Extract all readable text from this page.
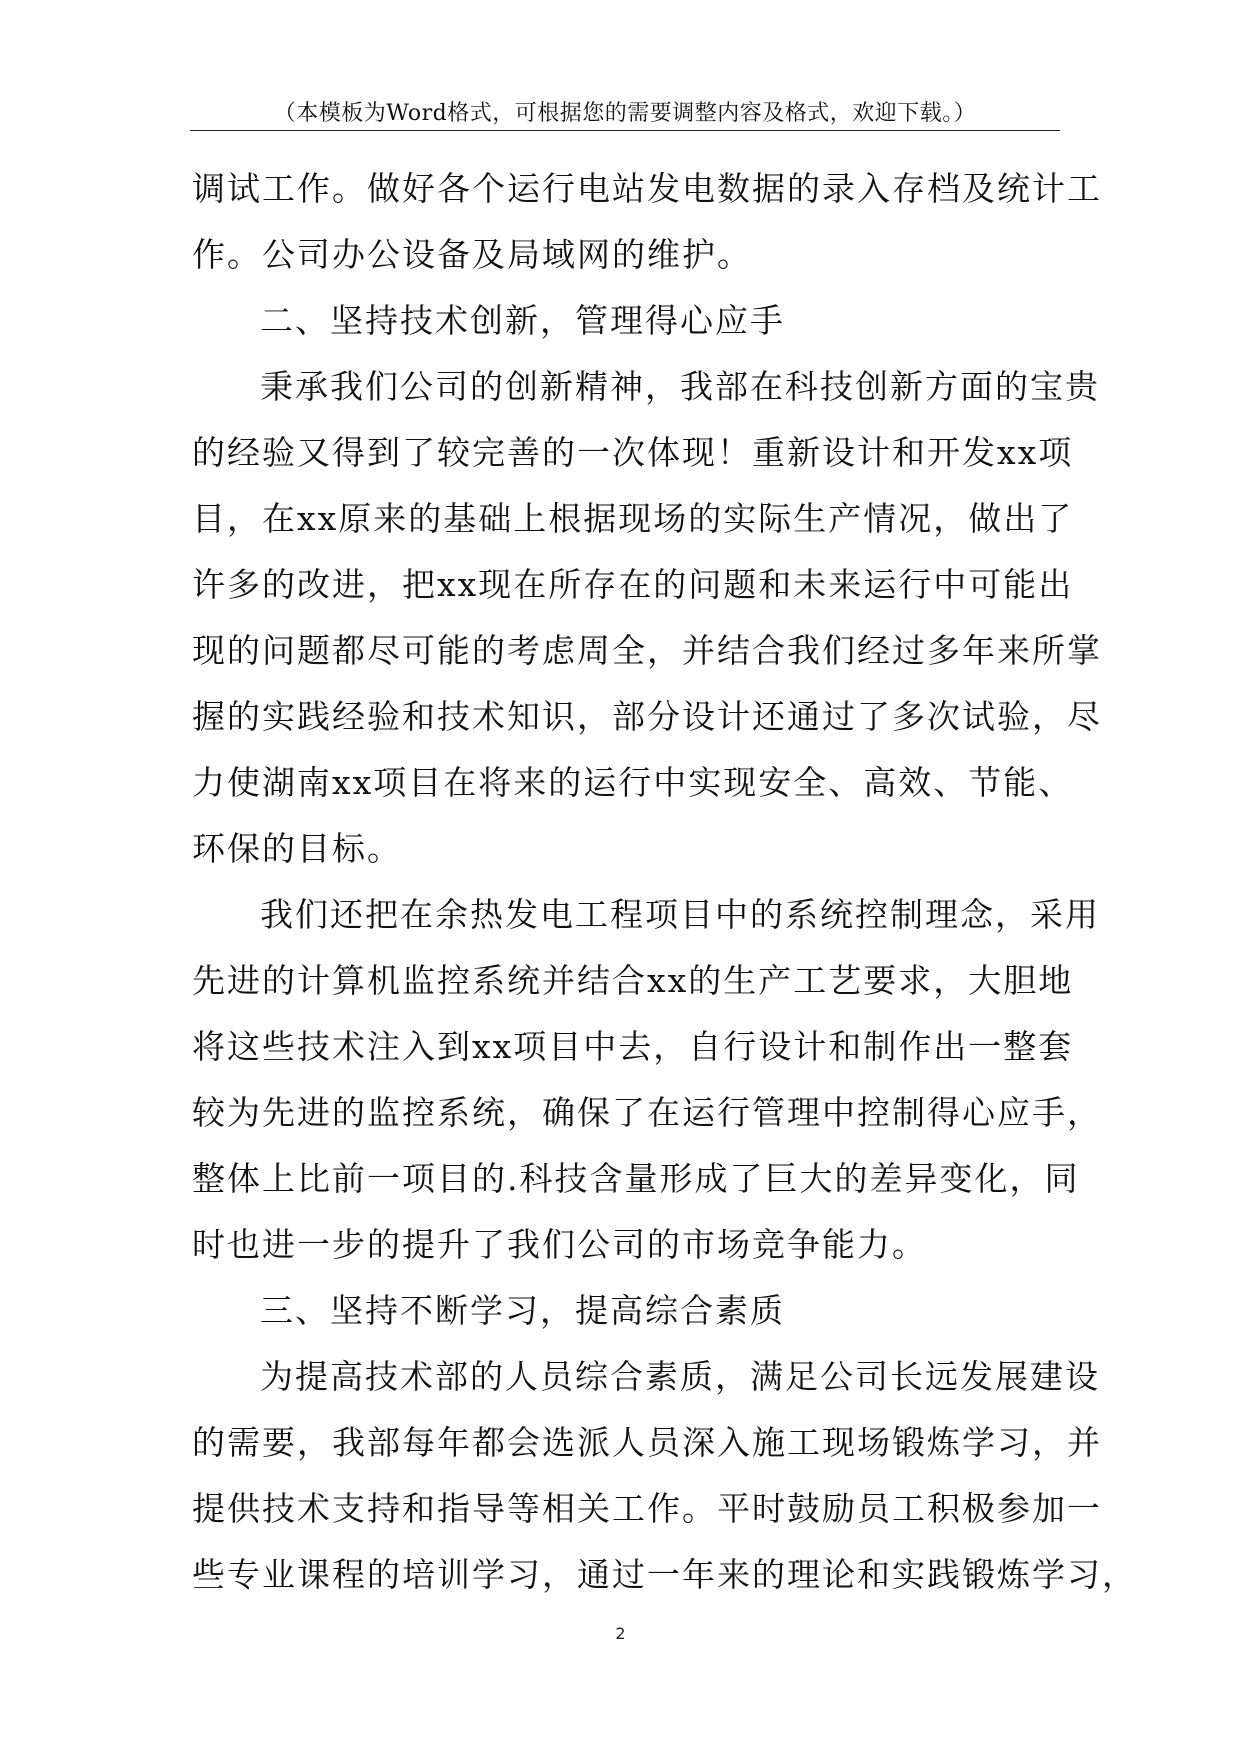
（本模板为Word格式，可根据您的需要调整内容及格式，欢迎下载。）

调试工作。做好各个运行电站发电数据的录入存档及统计工
作。公司办公设备及局域网的维护。

二、坚持技术创新，管理得心应手

秉承我们公司的创新精神，我部在科技创新方面的宝贵
的经验又得到了较完善的一次体现！重新设计和开发xx项
目，在xx原来的基础上根据现场的实际生产情况，做出了
许多的改进，把xx现在所存在的问题和未来运行中可能出
现的问题都尽可能的考虑周全，并结合我们经过多年来所掌
握的实践经验和技术知识，部分设计还通过了多次试验，尽
力使湖南xx项目在将来的运行中实现安全、高效、节能、
环保的目标。

我们还把在余热发电工程项目中的系统控制理念，采用
先进的计算机监控系统并结合xx的生产工艺要求，大胆地
将这些技术注入到xx项目中去，自行设计和制作出一整套
较为先进的监控系统，确保了在运行管理中控制得心应手，
整体上比前一项目的.科技含量形成了巨大的差异变化，同
时也进一步的提升了我们公司的市场竞争能力。

三、坚持不断学习，提高综合素质

为提高技术部的人员综合素质，满足公司长远发展建设
的需要，我部每年都会选派人员深入施工现场锻炼学习，并
提供技术支持和指导等相关工作。平时鼓励员工积极参加一
些专业课程的培训学习，通过一年来的理论和实践锻炼学习，

2
